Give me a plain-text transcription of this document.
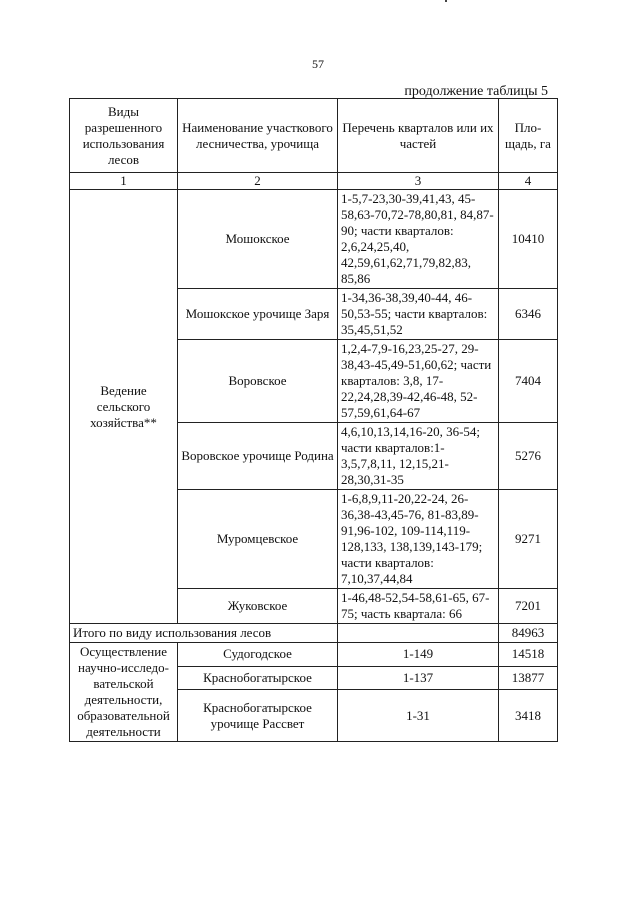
57
продолжение таблицы 5
Виды разрешенного использования лесов	Наименование участкового лесничества, урочища	Перечень кварталов или их частей	Пло-щадь, га
1	2	3	4
Ведение сельского хозяйства**	Мошокское	1-5,7-23,30-39,41,43, 45-58,63-70,72-78,80,81, 84,87-90; части кварталов: 2,6,24,25,40, 42,59,61,62,71,79,82,83, 85,86	10410
	Мошокское урочище Заря	1-34,36-38,39,40-44, 46-50,53-55; части кварталов: 35,45,51,52	6346
	Воровское	1,2,4-7,9-16,23,25-27, 29-38,43-45,49-51,60,62; части кварталов: 3,8, 17-22,24,28,39-42,46-48, 52-57,59,61,64-67	7404
	Воровское урочище Родина	4,6,10,13,14,16-20, 36-54; части кварталов:1-3,5,7,8,11, 12,15,21-28,30,31-35	5276
	Муромцевское	1-6,8,9,11-20,22-24, 26-36,38-43,45-76, 81-83,89-91,96-102, 109-114,119-128,133, 138,139,143-179; части кварталов: 7,10,37,44,84	9271
	Жуковское	1-46,48-52,54-58,61-65, 67-75; часть квартала: 66	7201
Итого по виду использования лесов			84963
Осуществление научно-исследо-вательской деятельности, образовательной деятельности	Судогодское	1-149	14518
	Краснобогатырское	1-137	13877
	Краснобогатырское урочище Рассвет	1-31	3418
